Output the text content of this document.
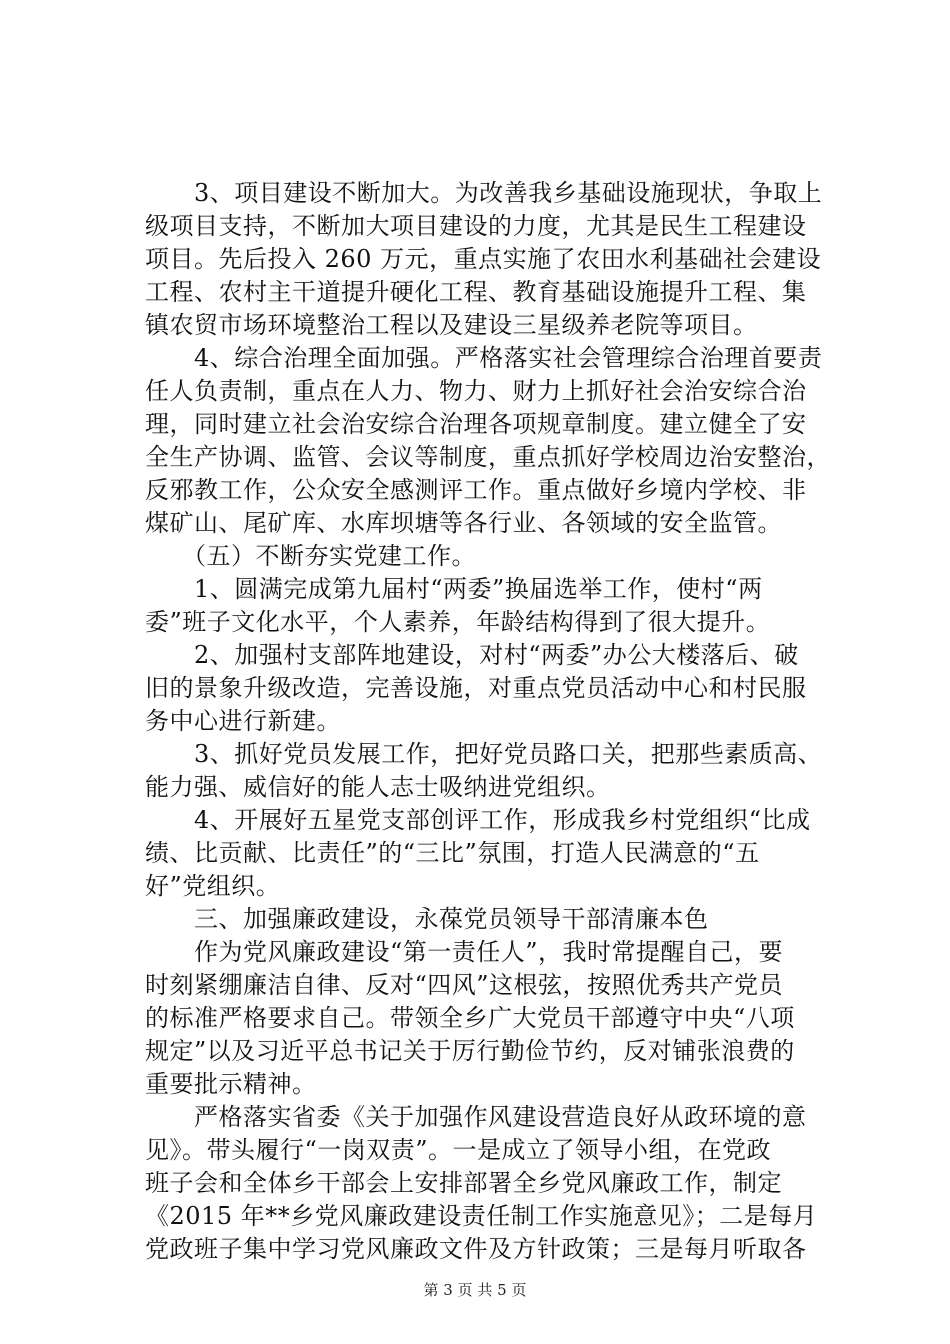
　　3、项目建设不断加大。为改善我乡基础设施现状，争取上
级项目支持，不断加大项目建设的力度，尤其是民生工程建设
项目。先后投入 260 万元，重点实施了农田水利基础社会建设
工程、农村主干道提升硬化工程、教育基础设施提升工程、集
镇农贸市场环境整治工程以及建设三星级养老院等项目。
　　4、综合治理全面加强。严格落实社会管理综合治理首要责
任人负责制，重点在人力、物力、财力上抓好社会治安综合治
理，同时建立社会治安综合治理各项规章制度。建立健全了安
全生产协调、监管、会议等制度，重点抓好学校周边治安整治，
反邪教工作，公众安全感测评工作。重点做好乡境内学校、非
煤矿山、尾矿库、水库坝塘等各行业、各领域的安全监管。
　　（五）不断夯实党建工作。
　　1、圆满完成第九届村“两委”换届选举工作，使村“两
委”班子文化水平，个人素养，年龄结构得到了很大提升。
　　2、加强村支部阵地建设，对村“两委”办公大楼落后、破
旧的景象升级改造，完善设施，对重点党员活动中心和村民服
务中心进行新建。
　　3、抓好党员发展工作，把好党员路口关，把那些素质高、
能力强、威信好的能人志士吸纳进党组织。
　　4、开展好五星党支部创评工作，形成我乡村党组织“比成
绩、比贡献、比责任”的“三比”氛围，打造人民满意的“五
好”党组织。
　　三、加强廉政建设，永葆党员领导干部清廉本色
　　作为党风廉政建设“第一责任人”，我时常提醒自己，要
时刻紧绷廉洁自律、反对“四风”这根弦，按照优秀共产党员
的标准严格要求自己。带领全乡广大党员干部遵守中央“八项
规定”以及习近平总书记关于厉行勤俭节约，反对铺张浪费的
重要批示精神。
　　严格落实省委《关于加强作风建设营造良好从政环境的意
见》。带头履行“一岗双责”。一是成立了领导小组，在党政
班子会和全体乡干部会上安排部署全乡党风廉政工作，制定
《2015 年**乡党风廉政建设责任制工作实施意见》；二是每月
党政班子集中学习党风廉政文件及方针政策；三是每月听取各
第 3 页 共 5 页
